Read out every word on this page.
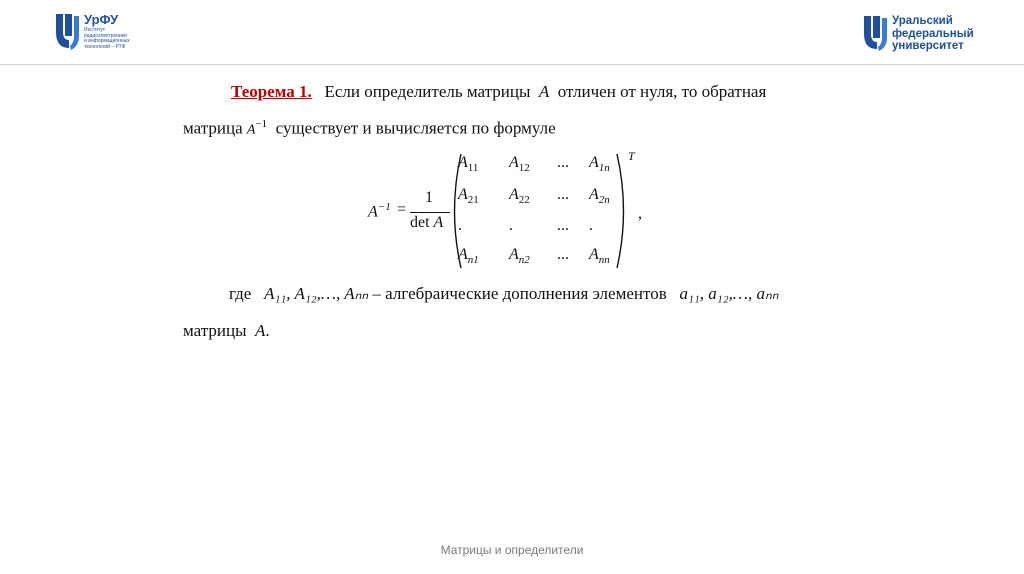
УрФУ
Институт
радиоэлектроники
и информационных
технологий – РТФ
Уральский
федеральный
университет
Теорема 1. Если определитель матрицы A отличен от нуля, то обратная
матрица $A^{-1}$ существует и вычисляется по формуле
$A^{-1}$ =
1
det A
$A_{11}$ $A_{12}$ ... $A_{1n}$
$A_{21}$ $A_{22}$ ... $A_{2n}$
.	.	... .
$A_{n1}$ $A_{n2}$ ... $A_{nn}$
T
,
где A₁₁, A₁₂,…, Aₙₙ – алгебраические дополнения элементов a₁₁, a₁₂,…, aₙₙ
матрицы A.
Матрицы и определители
